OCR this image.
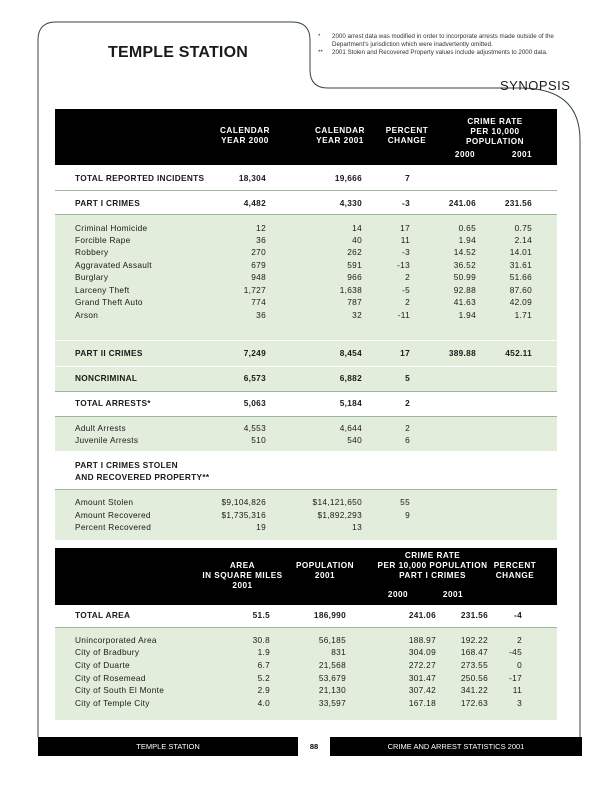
TEMPLE STATION
*	2000 arrest data was modified in order to incorporate arrests made outside of the Department's jurisdiction which were inadvertently omitted.
**	2001 Stolen and Recovered Property values include adjustments to 2000 data.
SYNOPSIS
CALENDAR
YEAR 2000
CALENDAR
YEAR 2001
PERCENT
CHANGE
CRIME RATE
PER 10,000
POPULATION
2000	2001
TOTAL REPORTED INCIDENTS	18,304	19,666	7
PART I CRIMES	4,482	4,330	-3	241.06	231.56
Criminal Homicide	12	14	17	0.65	0.75
Forcible Rape	36	40	11	1.94	2.14
Robbery	270	262	-3	14.52	14.01
Aggravated Assault	679	591	-13	36.52	31.61
Burglary	948	966	2	50.99	51.66
Larceny Theft	1,727	1,638	-5	92.88	87.60
Grand Theft Auto	774	787	2	41.63	42.09
Arson	36	32	-11	1.94	1.71
PART II CRIMES	7,249	8,454	17	389.88	452.11
NONCRIMINAL	6,573	6,882	5
TOTAL ARRESTS*	5,063	5,184	2
Adult Arrests	4,553	4,644	2
Juvenile Arrests	510	540	6
PART I CRIMES STOLEN
AND RECOVERED PROPERTY**
Amount Stolen	$9,104,826	$14,121,650	55
Amount Recovered	$1,735,316	$1,892,293	9
Percent Recovered	19	13
AREA
IN SQUARE MILES
2001
POPULATION
2001
CRIME RATE
PER 10,000 POPULATION
PART I CRIMES
2000	2001
PERCENT
CHANGE
TOTAL AREA	51.5	186,990	241.06	231.56	-4
Unincorporated Area	30.8	56,185	188.97	192.22	2
City of Bradbury	1.9	831	304.09	168.47	-45
City of Duarte	6.7	21,568	272.27	273.55	0
City of Rosemead	5.2	53,679	301.47	250.56	-17
City of South El Monte	2.9	21,130	307.42	341.22	11
City of Temple City	4.0	33,597	167.18	172.63	3
TEMPLE STATION	88	CRIME AND ARREST STATISTICS 2001
